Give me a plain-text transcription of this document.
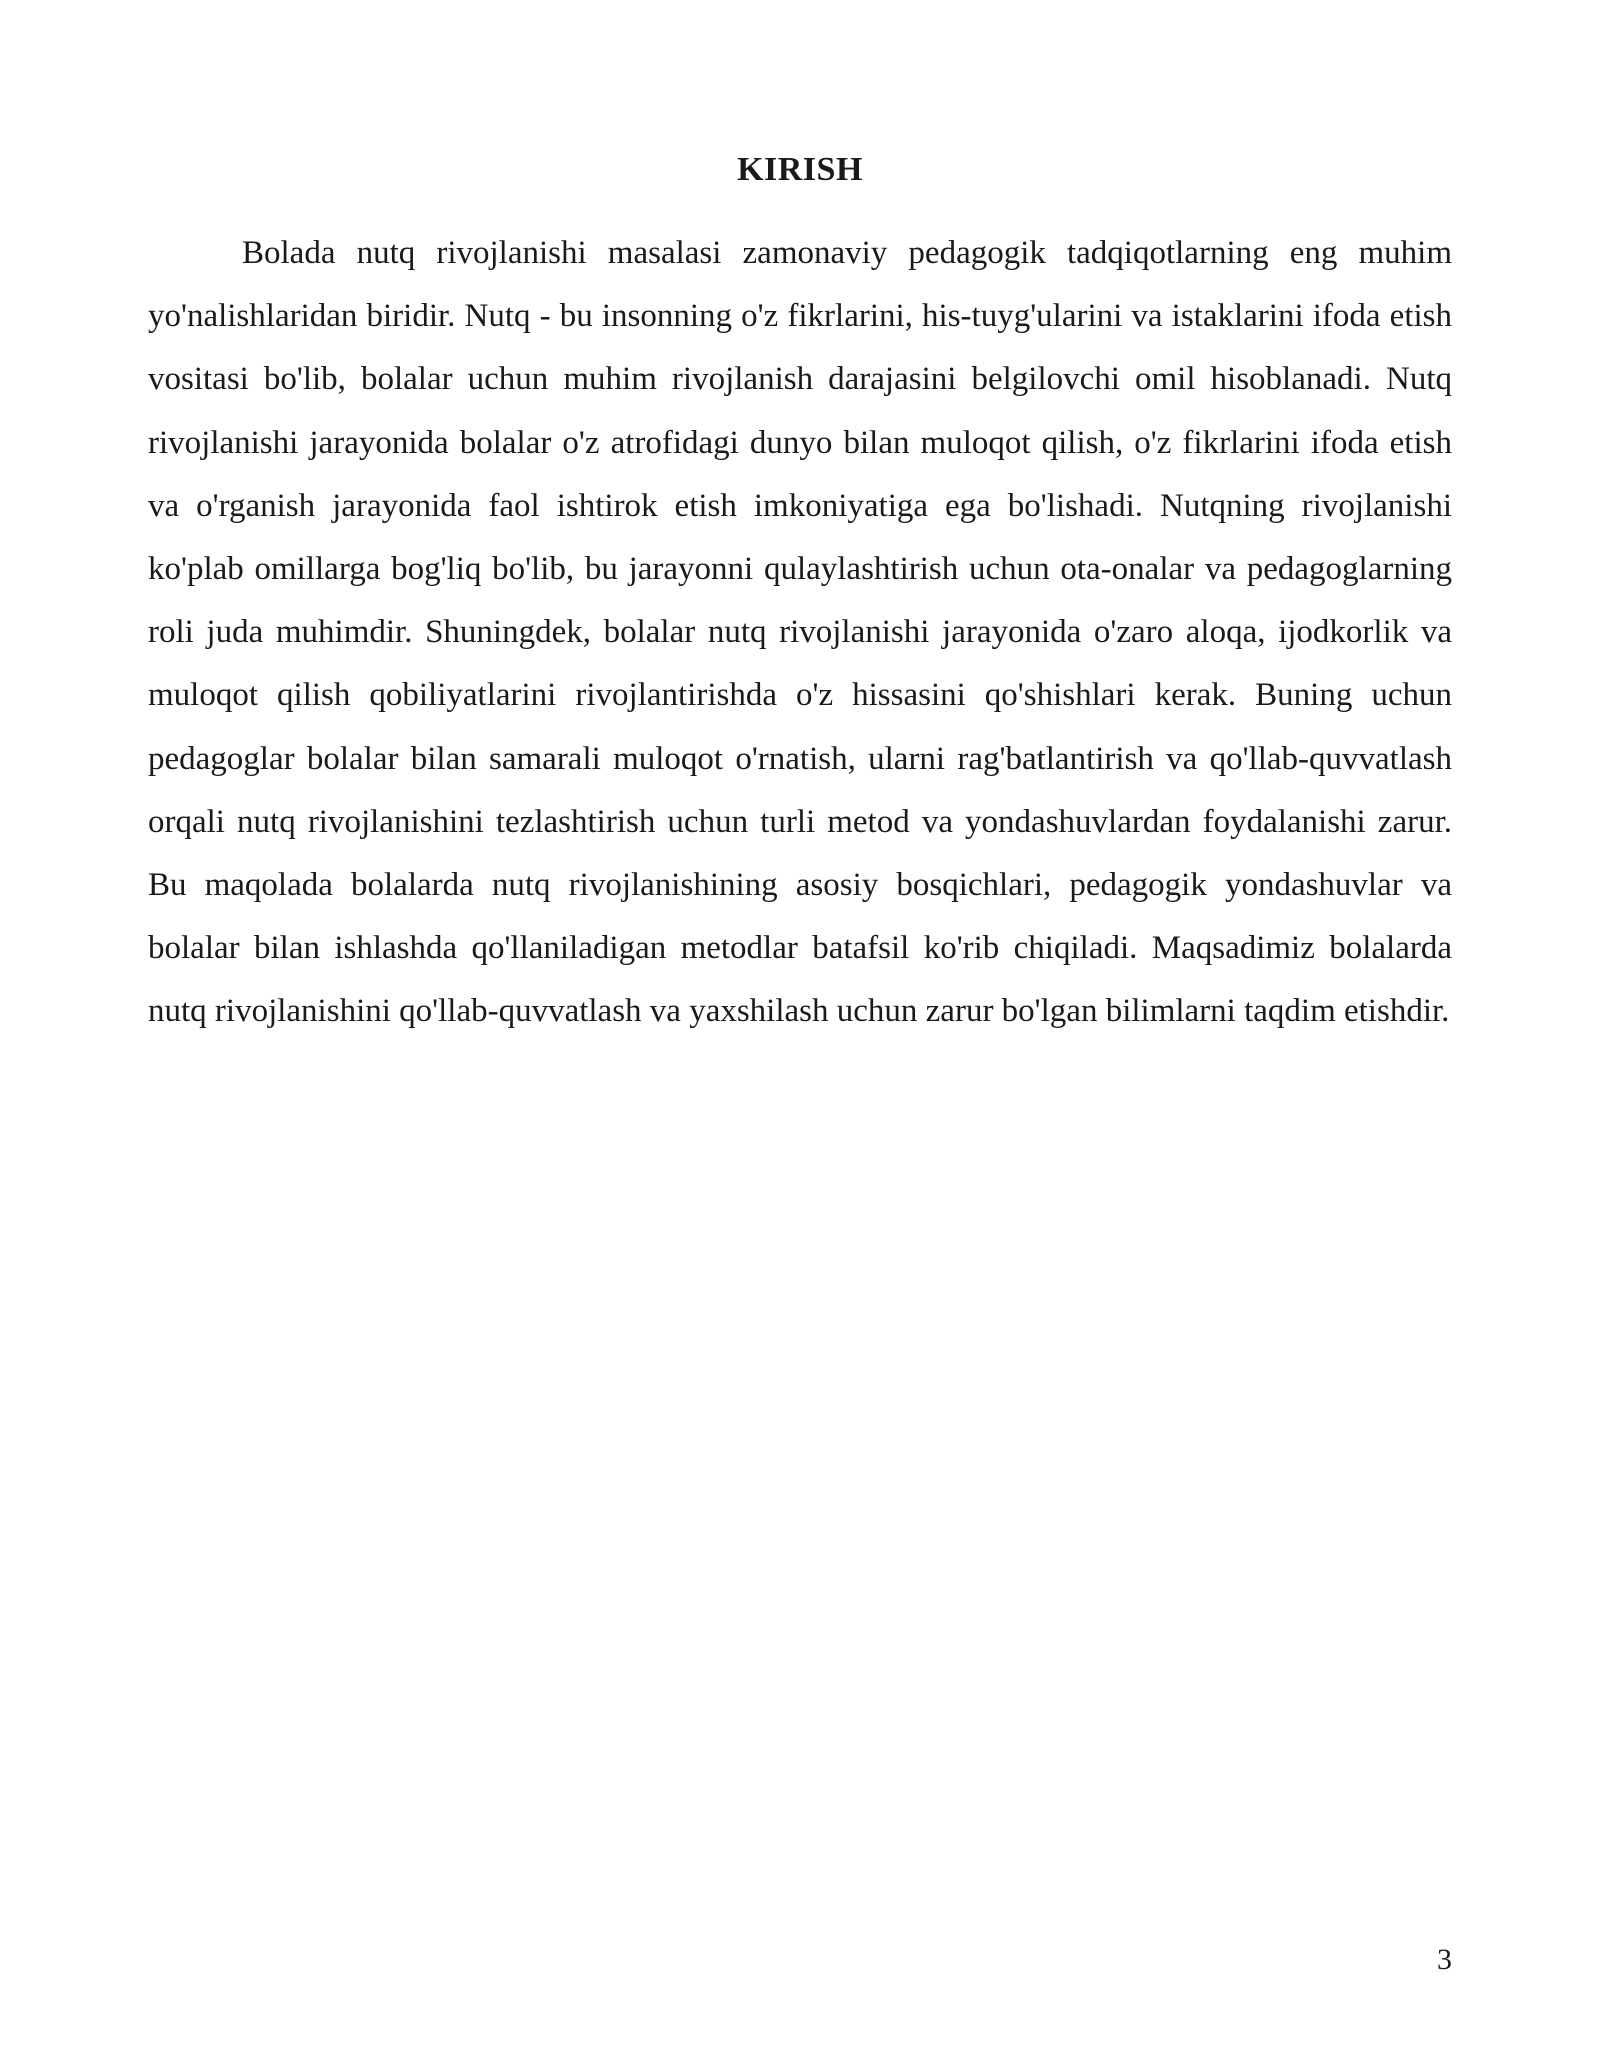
KIRISH

Bolada nutq rivojlanishi masalasi zamonaviy pedagogik tadqiqotlarning eng muhim yo'nalishlaridan biridir. Nutq - bu insonning o'z fikrlarini, his-tuyg'ularini va istaklarini ifoda etish vositasi bo'lib, bolalar uchun muhim rivojlanish darajasini belgilovchi omil hisoblanadi. Nutq rivojlanishi jarayonida bolalar o'z atrofidagi dunyo bilan muloqot qilish, o'z fikrlarini ifoda etish va o'rganish jarayonida faol ishtirok etish imkoniyatiga ega bo'lishadi. Nutqning rivojlanishi ko'plab omillarga bog'liq bo'lib, bu jarayonni qulaylashtirish uchun ota-onalar va pedagoglarning roli juda muhimdir. Shuningdek, bolalar nutq rivojlanishi jarayonida o'zaro aloqa, ijodkorlik va muloqot qilish qobiliyatlarini rivojlantirishda o'z hissasini qo'shishlari kerak. Buning uchun pedagoglar bolalar bilan samarali muloqot o'rnatish, ularni rag'batlantirish va qo'llab-quvvatlash orqali nutq rivojlanishini tezlashtirish uchun turli metod va yondashuvlardan foydalanishi zarur. Bu maqolada bolalarda nutq rivojlanishining asosiy bosqichlari, pedagogik yondashuvlar va bolalar bilan ishlashda qo'llaniladigan metodlar batafsil ko'rib chiqiladi. Maqsadimiz bolalarda nutq rivojlanishini qo'llab-quvvatlash va yaxshilash uchun zarur bo'lgan bilimlarni taqdim etishdir.

3
